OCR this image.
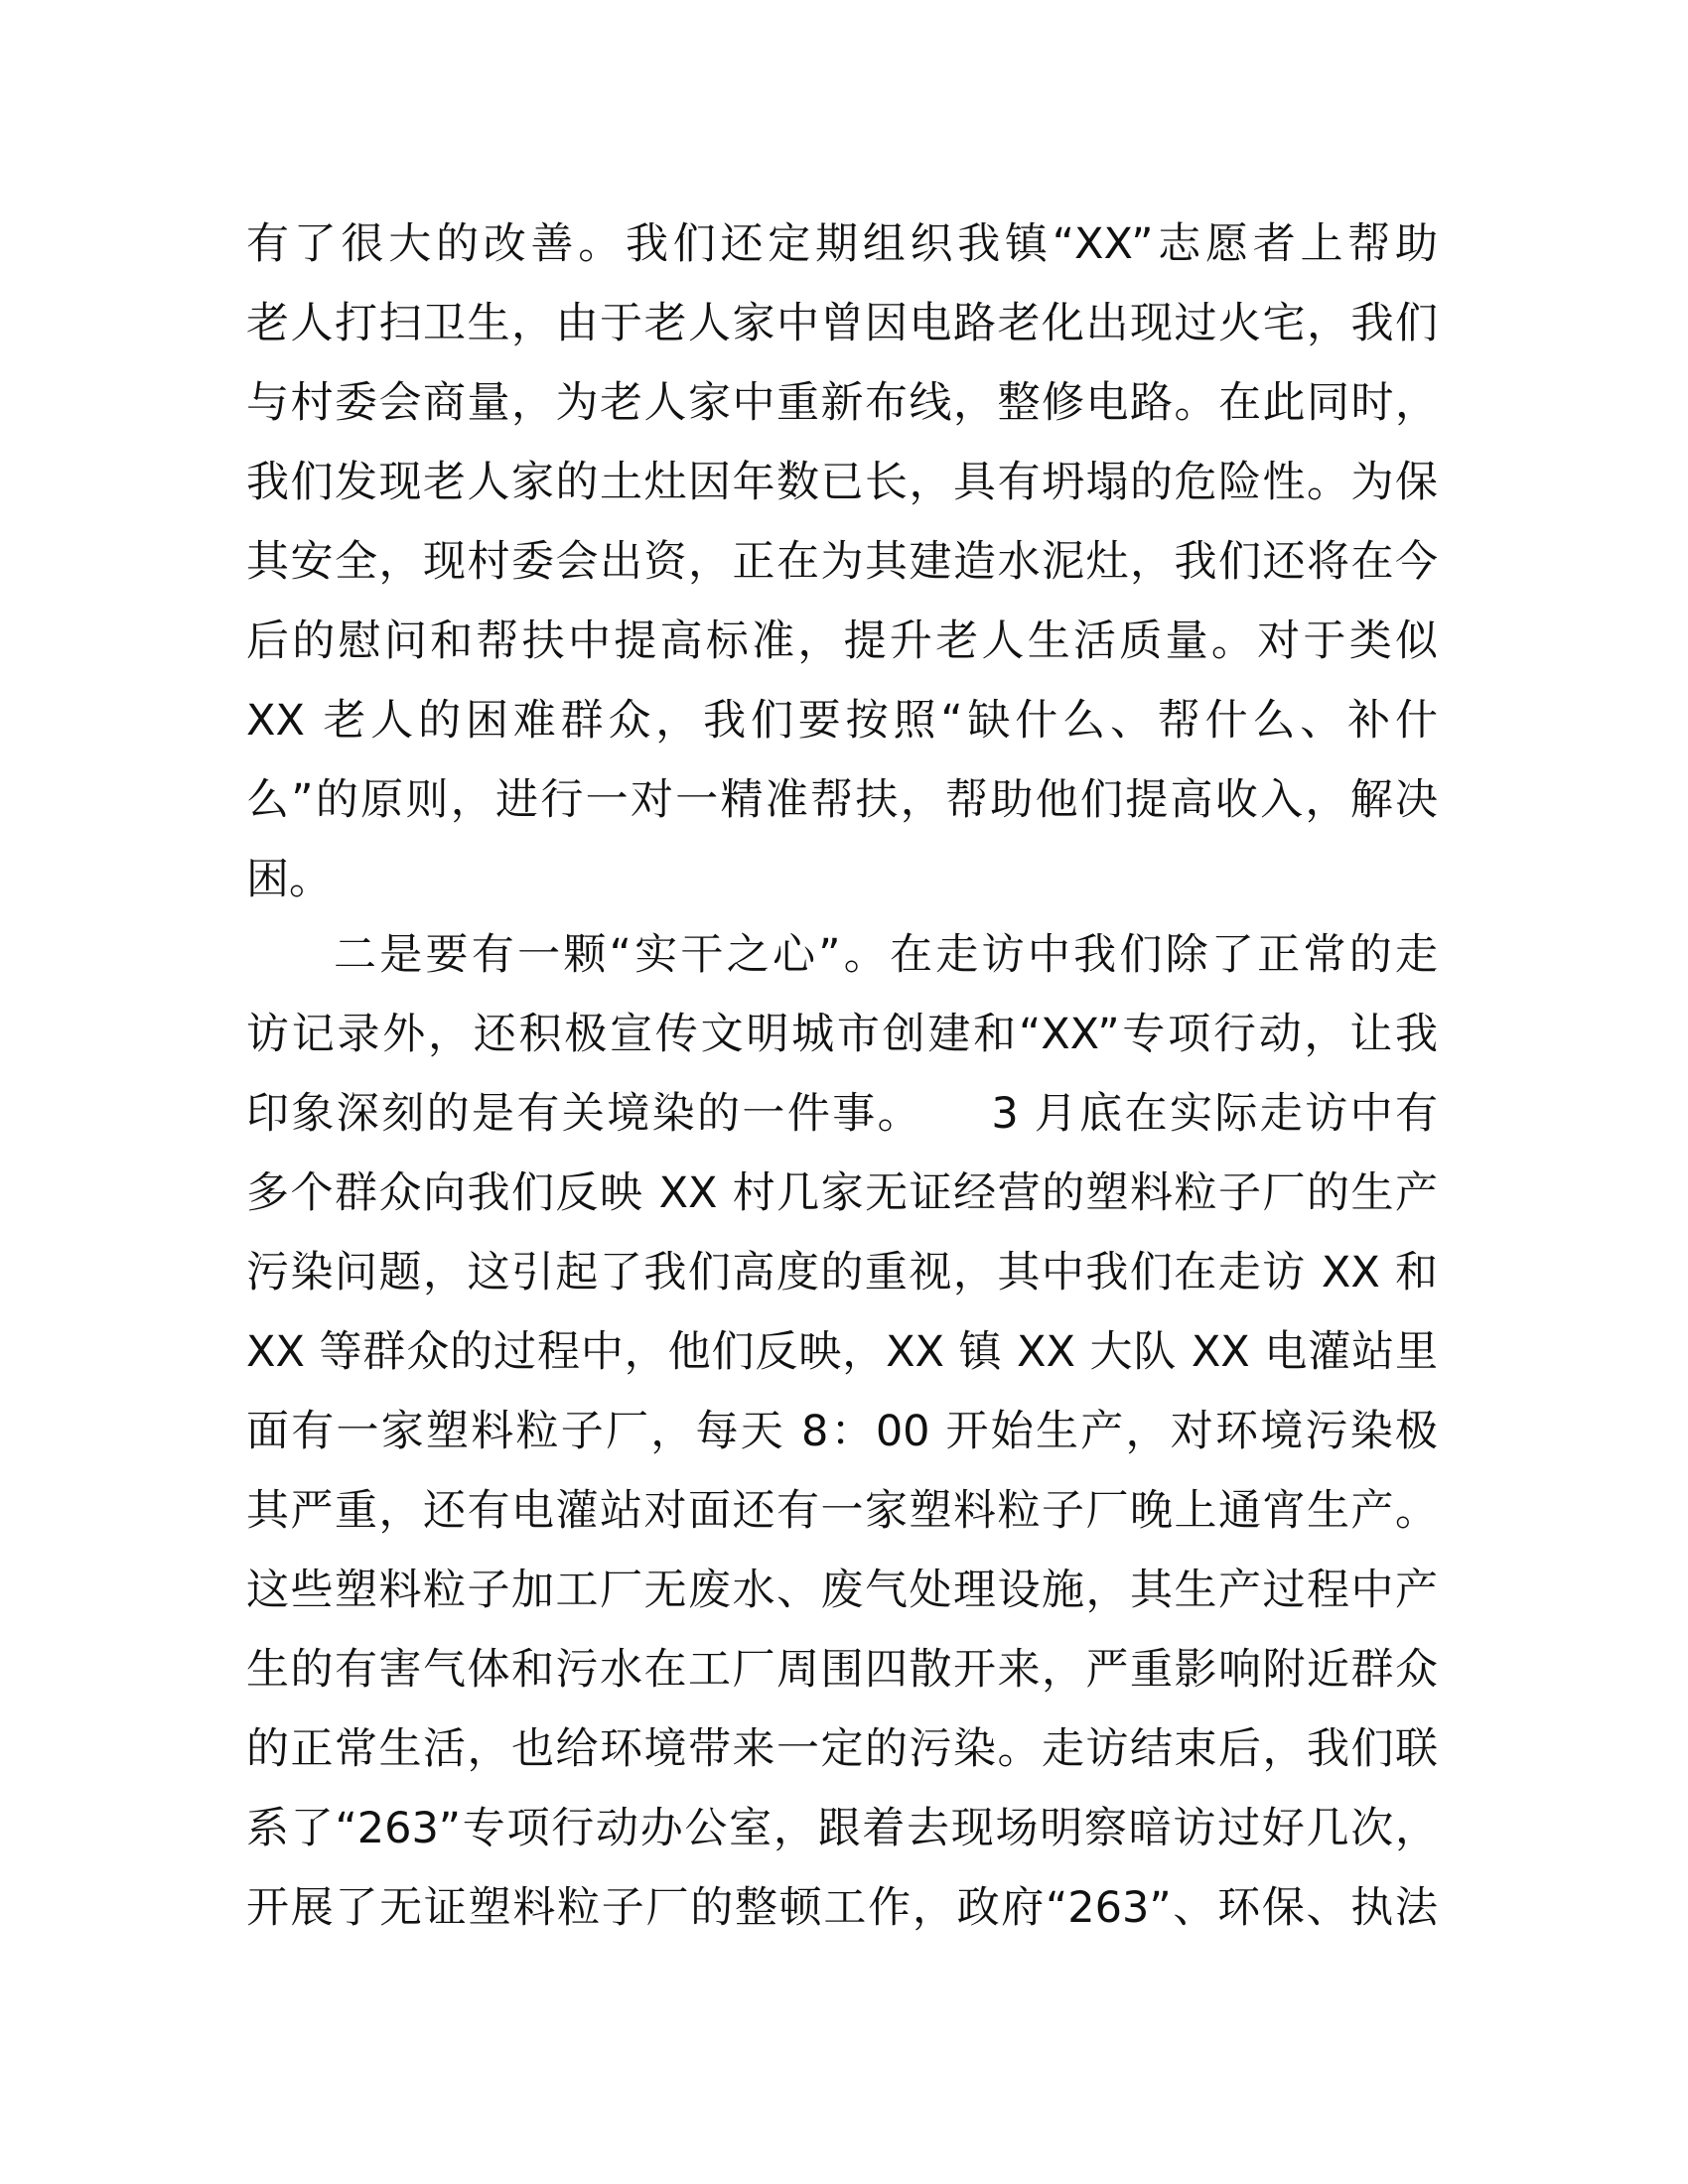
有了很大的改善。我们还定期组织我镇“XX”志愿者上帮助
老人打扫卫生，由于老人家中曾因电路老化出现过火宅，我们
与村委会商量，为老人家中重新布线，整修电路。在此同时，
我们发现老人家的土灶因年数已长，具有坍塌的危险性。为保
其安全，现村委会出资，正在为其建造水泥灶，我们还将在今
后的慰问和帮扶中提高标准，提升老人生活质量。对于类似
XX 老人的困难群众，我们要按照“缺什么、帮什么、补什
么”的原则，进行一对一精准帮扶，帮助他们提高收入，解决
困。
二是要有一颗“实干之心”。在走访中我们除了正常的走
访记录外，还积极宣传文明城市创建和“XX”专项行动，让我
印象深刻的是有关境染的一件事。　　3 月底在实际走访中有
多个群众向我们反映 XX 村几家无证经营的塑料粒子厂的生产
污染问题，这引起了我们高度的重视，其中我们在走访 XX 和
XX 等群众的过程中，他们反映，XX 镇 XX 大队 XX 电灌站里
面有一家塑料粒子厂，每天 8：00 开始生产，对环境污染极
其严重，还有电灌站对面还有一家塑料粒子厂晚上通宵生产。
这些塑料粒子加工厂无废水、废气处理设施，其生产过程中产
生的有害气体和污水在工厂周围四散开来，严重影响附近群众
的正常生活，也给环境带来一定的污染。走访结束后，我们联
系了“263”专项行动办公室，跟着去现场明察暗访过好几次，
开展了无证塑料粒子厂的整顿工作，政府“263”、环保、执法
